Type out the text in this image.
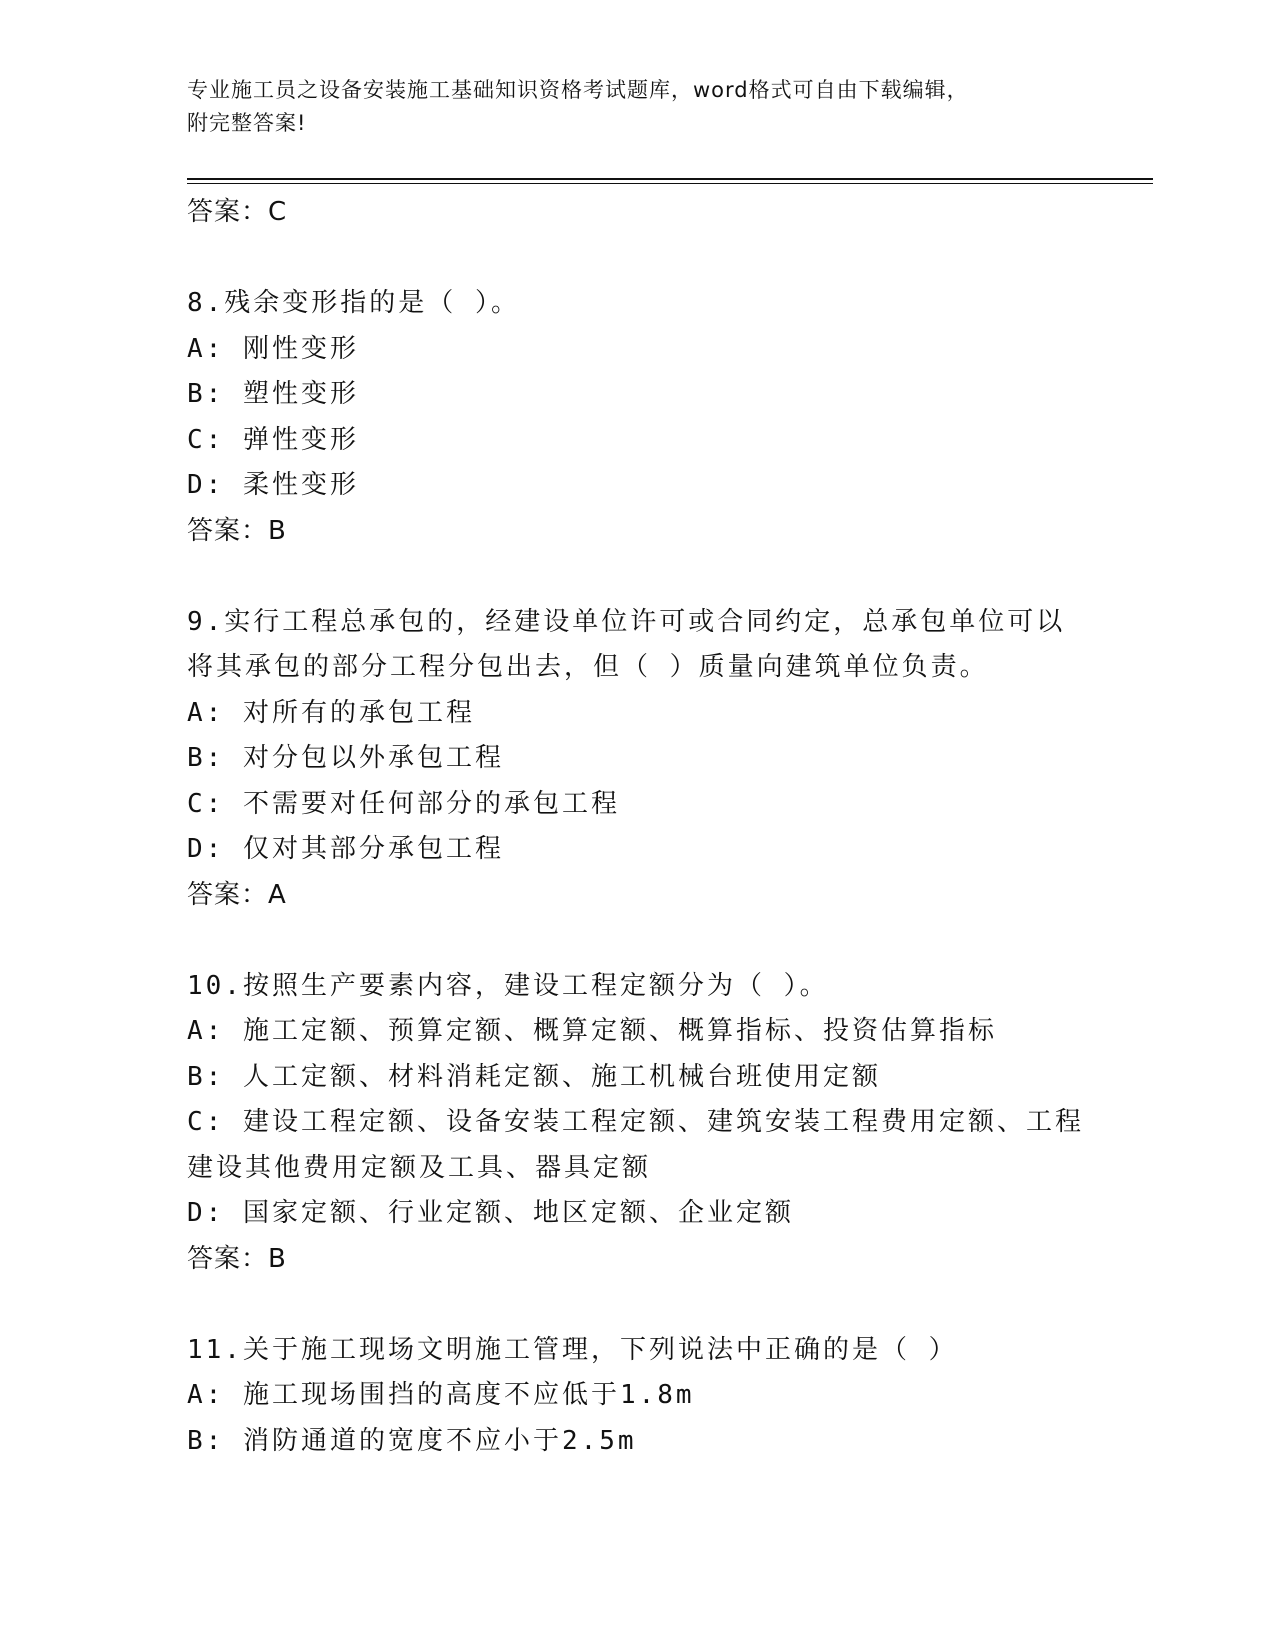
专业施工员之设备安装施工基础知识资格考试题库，word格式可自由下载编辑，
附完整答案!
答案：C
8.残余变形指的是（ ）。
A: 刚性变形
B: 塑性变形
C: 弹性变形
D: 柔性变形
答案：B
9.实行工程总承包的，经建设单位许可或合同约定，总承包单位可以
将其承包的部分工程分包出去，但（ ）质量向建筑单位负责。
A: 对所有的承包工程
B: 对分包以外承包工程
C: 不需要对任何部分的承包工程
D: 仅对其部分承包工程
答案：A
10.按照生产要素内容，建设工程定额分为（ ）。
A: 施工定额、预算定额、概算定额、概算指标、投资估算指标
B: 人工定额、材料消耗定额、施工机械台班使用定额
C: 建设工程定额、设备安装工程定额、建筑安装工程费用定额、工程
建设其他费用定额及工具、器具定额
D: 国家定额、行业定额、地区定额、企业定额
答案：B
11.关于施工现场文明施工管理，下列说法中正确的是（ ）
A: 施工现场围挡的高度不应低于1.8m
B: 消防通道的宽度不应小于2.5m
